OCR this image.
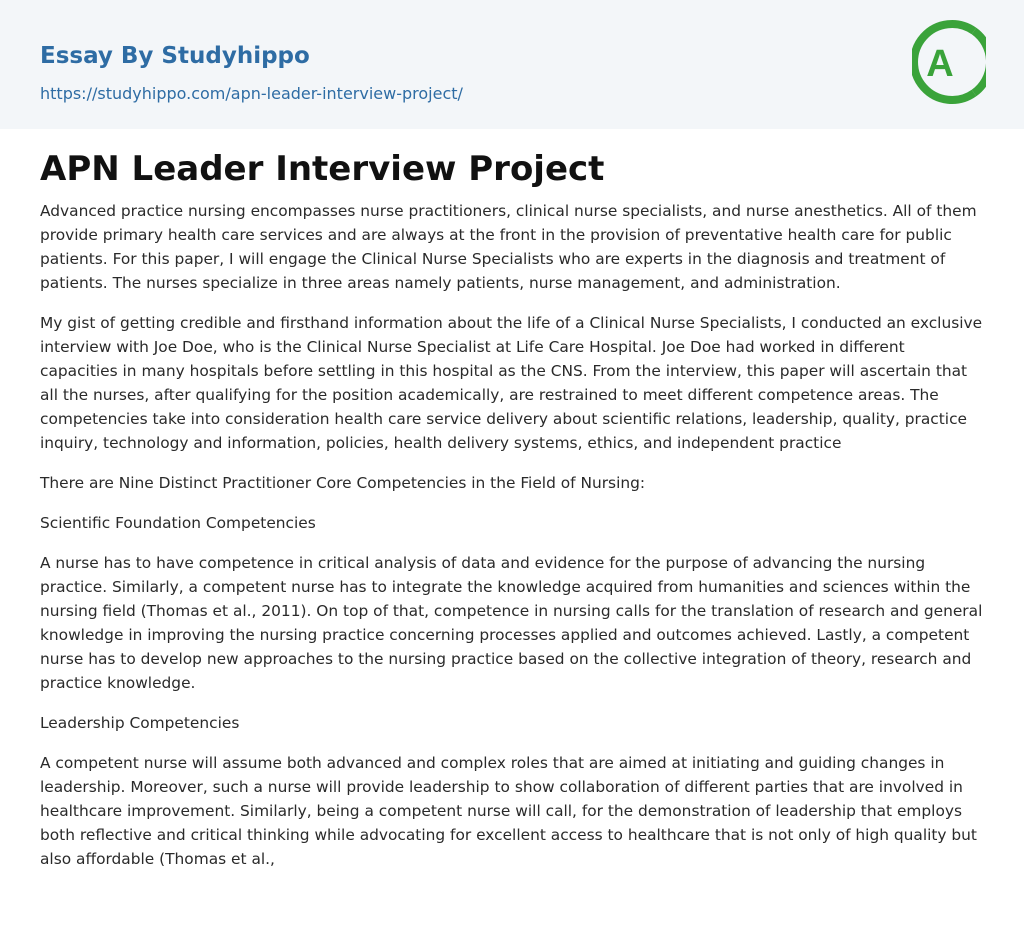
Essay By Studyhippo
https://studyhippo.com/apn-leader-interview-project/
A
APN Leader Interview Project

Advanced practice nursing encompasses nurse practitioners, clinical nurse specialists, and nurse anesthetics. All of them provide primary health care services and are always at the front in the provision of preventative health care for public patients. For this paper, I will engage the Clinical Nurse Specialists who are experts in the diagnosis and treatment of patients. The nurses specialize in three areas namely patients, nurse management, and administration.

My gist of getting credible and firsthand information about the life of a Clinical Nurse Specialists, I conducted an exclusive interview with Joe Doe, who is the Clinical Nurse Specialist at Life Care Hospital. Joe Doe had worked in different capacities in many hospitals before settling in this hospital as the CNS. From the interview, this paper will ascertain that all the nurses, after qualifying for the position academically, are restrained to meet different competence areas. The competencies take into consideration health care service delivery about scientific relations, leadership, quality, practice inquiry, technology and information, policies, health delivery systems, ethics, and independent practice

There are Nine Distinct Practitioner Core Competencies in the Field of Nursing:

Scientific Foundation Competencies

A nurse has to have competence in critical analysis of data and evidence for the purpose of advancing the nursing practice. Similarly, a competent nurse has to integrate the knowledge acquired from humanities and sciences within the nursing field (Thomas et al., 2011). On top of that, competence in nursing calls for the translation of research and general knowledge in improving the nursing practice concerning processes applied and outcomes achieved. Lastly, a competent nurse has to develop new approaches to the nursing practice based on the collective integration of theory, research and practice knowledge.

Leadership Competencies

A competent nurse will assume both advanced and complex roles that are aimed at initiating and guiding changes in leadership. Moreover, such a nurse will provide leadership to show collaboration of different parties that are involved in healthcare improvement. Similarly, being a competent nurse will call, for the demonstration of leadership that employs both reflective and critical thinking while advocating for excellent access to healthcare that is not only of high quality but also affordable (Thomas et al.,
